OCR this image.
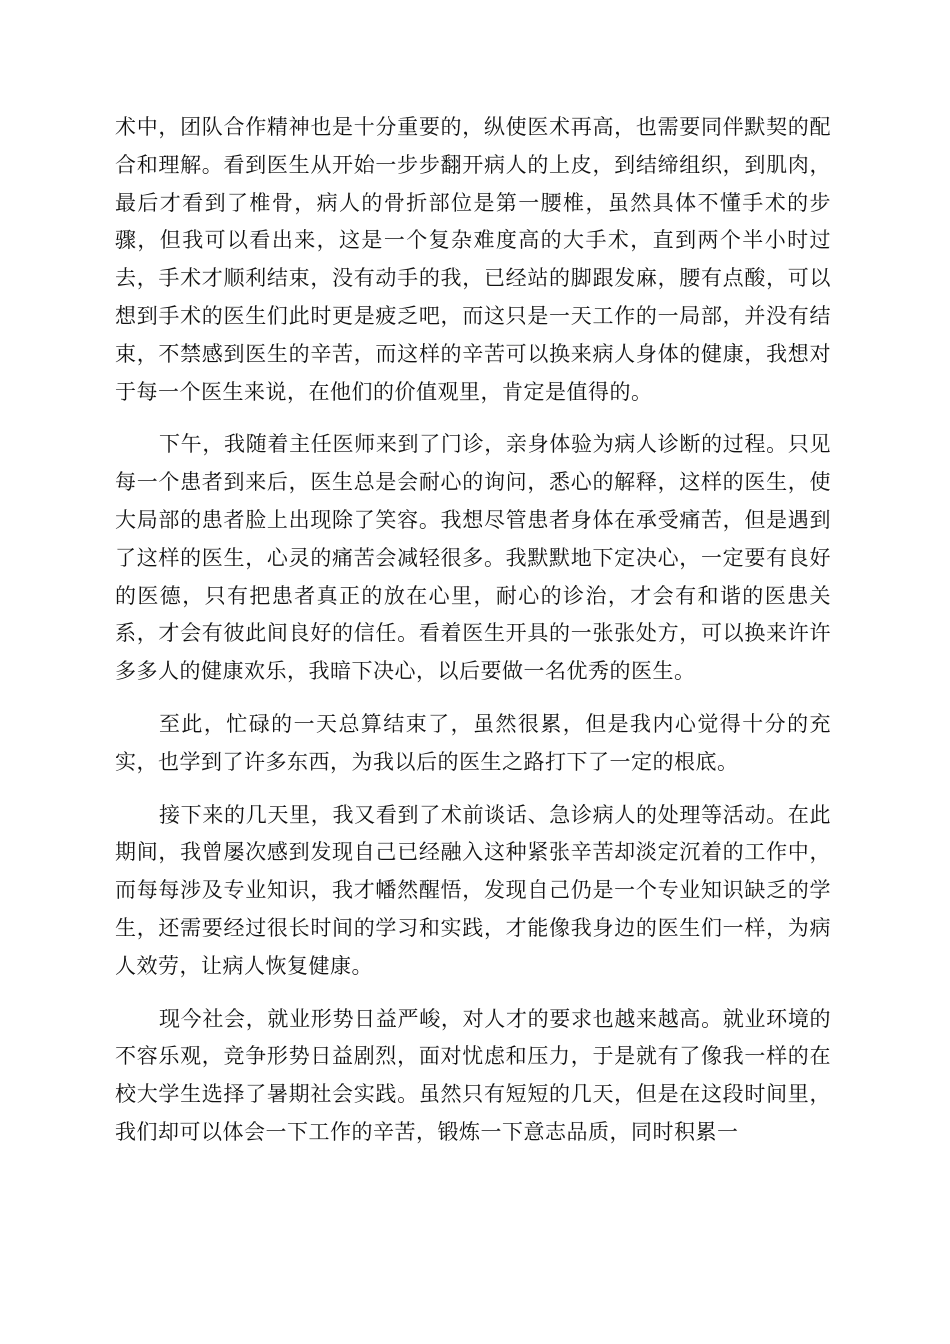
术中，团队合作精神也是十分重要的，纵使医术再高，也需要同伴默契的配合和理解。看到医生从开始一步步翻开病人的上皮，到结缔组织，到肌肉，最后才看到了椎骨，病人的骨折部位是第一腰椎，虽然具体不懂手术的步骤，但我可以看出来，这是一个复杂难度高的大手术，直到两个半小时过去，手术才顺利结束，没有动手的我，已经站的脚跟发麻，腰有点酸，可以想到手术的医生们此时更是疲乏吧，而这只是一天工作的一局部，并没有结束，不禁感到医生的辛苦，而这样的辛苦可以换来病人身体的健康，我想对于每一个医生来说，在他们的价值观里，肯定是值得的。

下午，我随着主任医师来到了门诊，亲身体验为病人诊断的过程。只见每一个患者到来后，医生总是会耐心的询问，悉心的解释，这样的医生，使大局部的患者脸上出现除了笑容。我想尽管患者身体在承受痛苦，但是遇到了这样的医生，心灵的痛苦会减轻很多。我默默地下定决心，一定要有良好的医德，只有把患者真正的放在心里，耐心的诊治，才会有和谐的医患关系，才会有彼此间良好的信任。看着医生开具的一张张处方，可以换来许许多多人的健康欢乐，我暗下决心，以后要做一名优秀的医生。

至此，忙碌的一天总算结束了，虽然很累，但是我内心觉得十分的充实，也学到了许多东西，为我以后的医生之路打下了一定的根底。

接下来的几天里，我又看到了术前谈话、急诊病人的处理等活动。在此期间，我曾屡次感到发现自己已经融入这种紧张辛苦却淡定沉着的工作中，而每每涉及专业知识，我才幡然醒悟，发现自己仍是一个专业知识缺乏的学生，还需要经过很长时间的学习和实践，才能像我身边的医生们一样，为病人效劳，让病人恢复健康。

现今社会，就业形势日益严峻，对人才的要求也越来越高。就业环境的不容乐观，竞争形势日益剧烈，面对忧虑和压力，于是就有了像我一样的在校大学生选择了暑期社会实践。虽然只有短短的几天，但是在这段时间里，我们却可以体会一下工作的辛苦，锻炼一下意志品质，同时积累一
